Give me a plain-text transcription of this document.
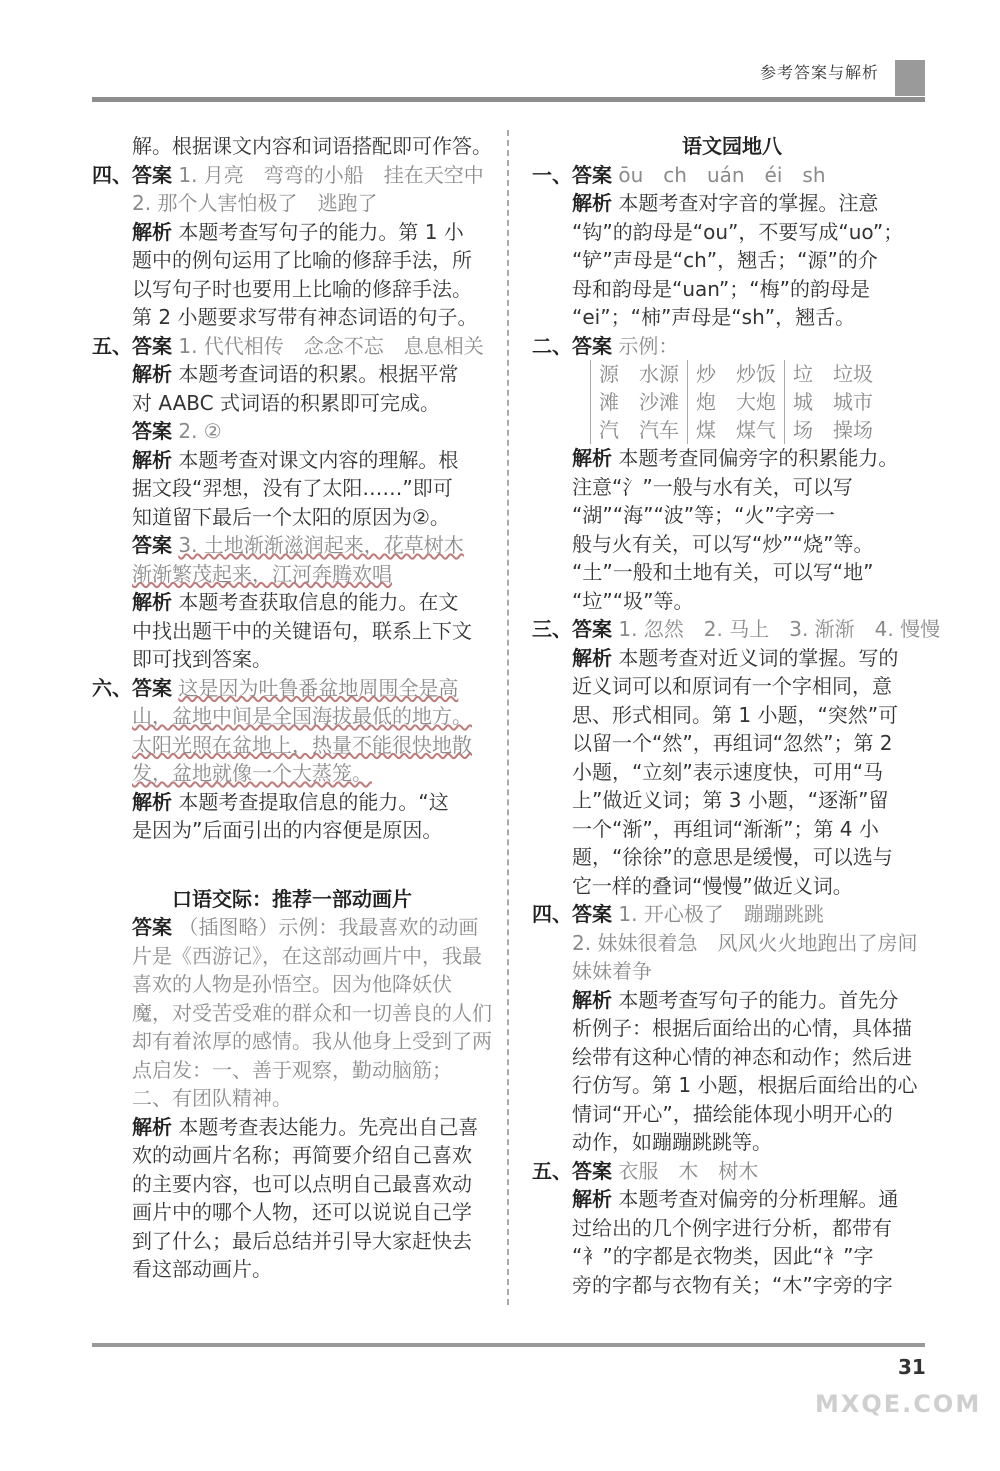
参考答案与解析

解。根据课文内容和词语搭配即可作答。

四、答案 1. 月亮　弯弯的小船　挂在天空中

2. 那个人害怕极了　逃跑了

解析 本题考查写句子的能力。第 1 小

题中的例句运用了比喻的修辞手法，所

以写句子时也要用上比喻的修辞手法。

第 2 小题要求写带有神态词语的句子。

五、答案 1. 代代相传　念念不忘　息息相关

解析 本题考查词语的积累。根据平常

对 AABC 式词语的积累即可完成。

答案 2. ②

解析 本题考查对课文内容的理解。根

据文段“羿想，没有了太阳……”即可

知道留下最后一个太阳的原因为②。

答案 3. 土地渐渐滋润起来，花草树木

渐渐繁茂起来，江河奔腾欢唱

解析 本题考查获取信息的能力。在文

中找出题干中的关键语句，联系上下文

即可找到答案。

六、答案 这是因为吐鲁番盆地周围全是高

山，盆地中间是全国海拔最低的地方。

太阳光照在盆地上，热量不能很快地散

发，盆地就像一个大蒸笼。

解析 本题考查提取信息的能力。“这

是因为”后面引出的内容便是原因。

口语交际：推荐一部动画片

答案 （插图略）示例：我最喜欢的动画

片是《西游记》，在这部动画片中，我最

喜欢的人物是孙悟空。因为他降妖伏

魔，对受苦受难的群众和一切善良的人们

却有着浓厚的感情。我从他身上受到了两

点启发：一、善于观察，勤动脑筋；

二、有团队精神。

解析 本题考查表达能力。先亮出自己喜

欢的动画片名称；再简要介绍自己喜欢

的主要内容，也可以点明自己最喜欢动

画片中的哪个人物，还可以说说自己学

到了什么；最后总结并引导大家赶快去

看这部动画片。

语文园地八

一、答案 ōu　ch　uán　éi　sh

解析 本题考查对字音的掌握。注意

“钩”的韵母是“ou”，不要写成“uo”；

“铲”声母是“ch”，翘舌；“源”的介

母和韵母是“uan”；“梅”的韵母是

“ei”；“柿”声母是“sh”，翘舌。

二、答案 示例：

源　水源	炒　炒饭	垃　垃圾
滩　沙滩	炮　大炮	城　城市
汽　汽车	煤　煤气	场　操场

解析 本题考查同偏旁字的积累能力。

注意“氵”一般与水有关，可以写

“湖”“海”“波”等；“火”字旁一

般与火有关，可以写“炒”“烧”等。

“土”一般和土地有关，可以写“地”

“垃”“圾”等。

三、答案 1. 忽然　2. 马上　3. 渐渐　4. 慢慢

解析 本题考查对近义词的掌握。写的

近义词可以和原词有一个字相同，意

思、形式相同。第 1 小题，“突然”可

以留一个“然”，再组词“忽然”；第 2

小题，“立刻”表示速度快，可用“马

上”做近义词；第 3 小题，“逐渐”留

一个“渐”，再组词“渐渐”；第 4 小

题，“徐徐”的意思是缓慢，可以选与

它一样的叠词“慢慢”做近义词。

四、答案 1. 开心极了　蹦蹦跳跳

2. 妹妹很着急　风风火火地跑出了房间

妹妹着争

解析 本题考查写句子的能力。首先分

析例子：根据后面给出的心情，具体描

绘带有这种心情的神态和动作；然后进

行仿写。第 1 小题，根据后面给出的心

情词“开心”，描绘能体现小明开心的

动作，如蹦蹦跳跳等。

五、答案 衣服　木　树木

解析 本题考查对偏旁的分析理解。通

过给出的几个例字进行分析，都带有

“衤”的字都是衣物类，因此“衤”字

旁的字都与衣物有关；“木”字旁的字

31
MXQE.COM
